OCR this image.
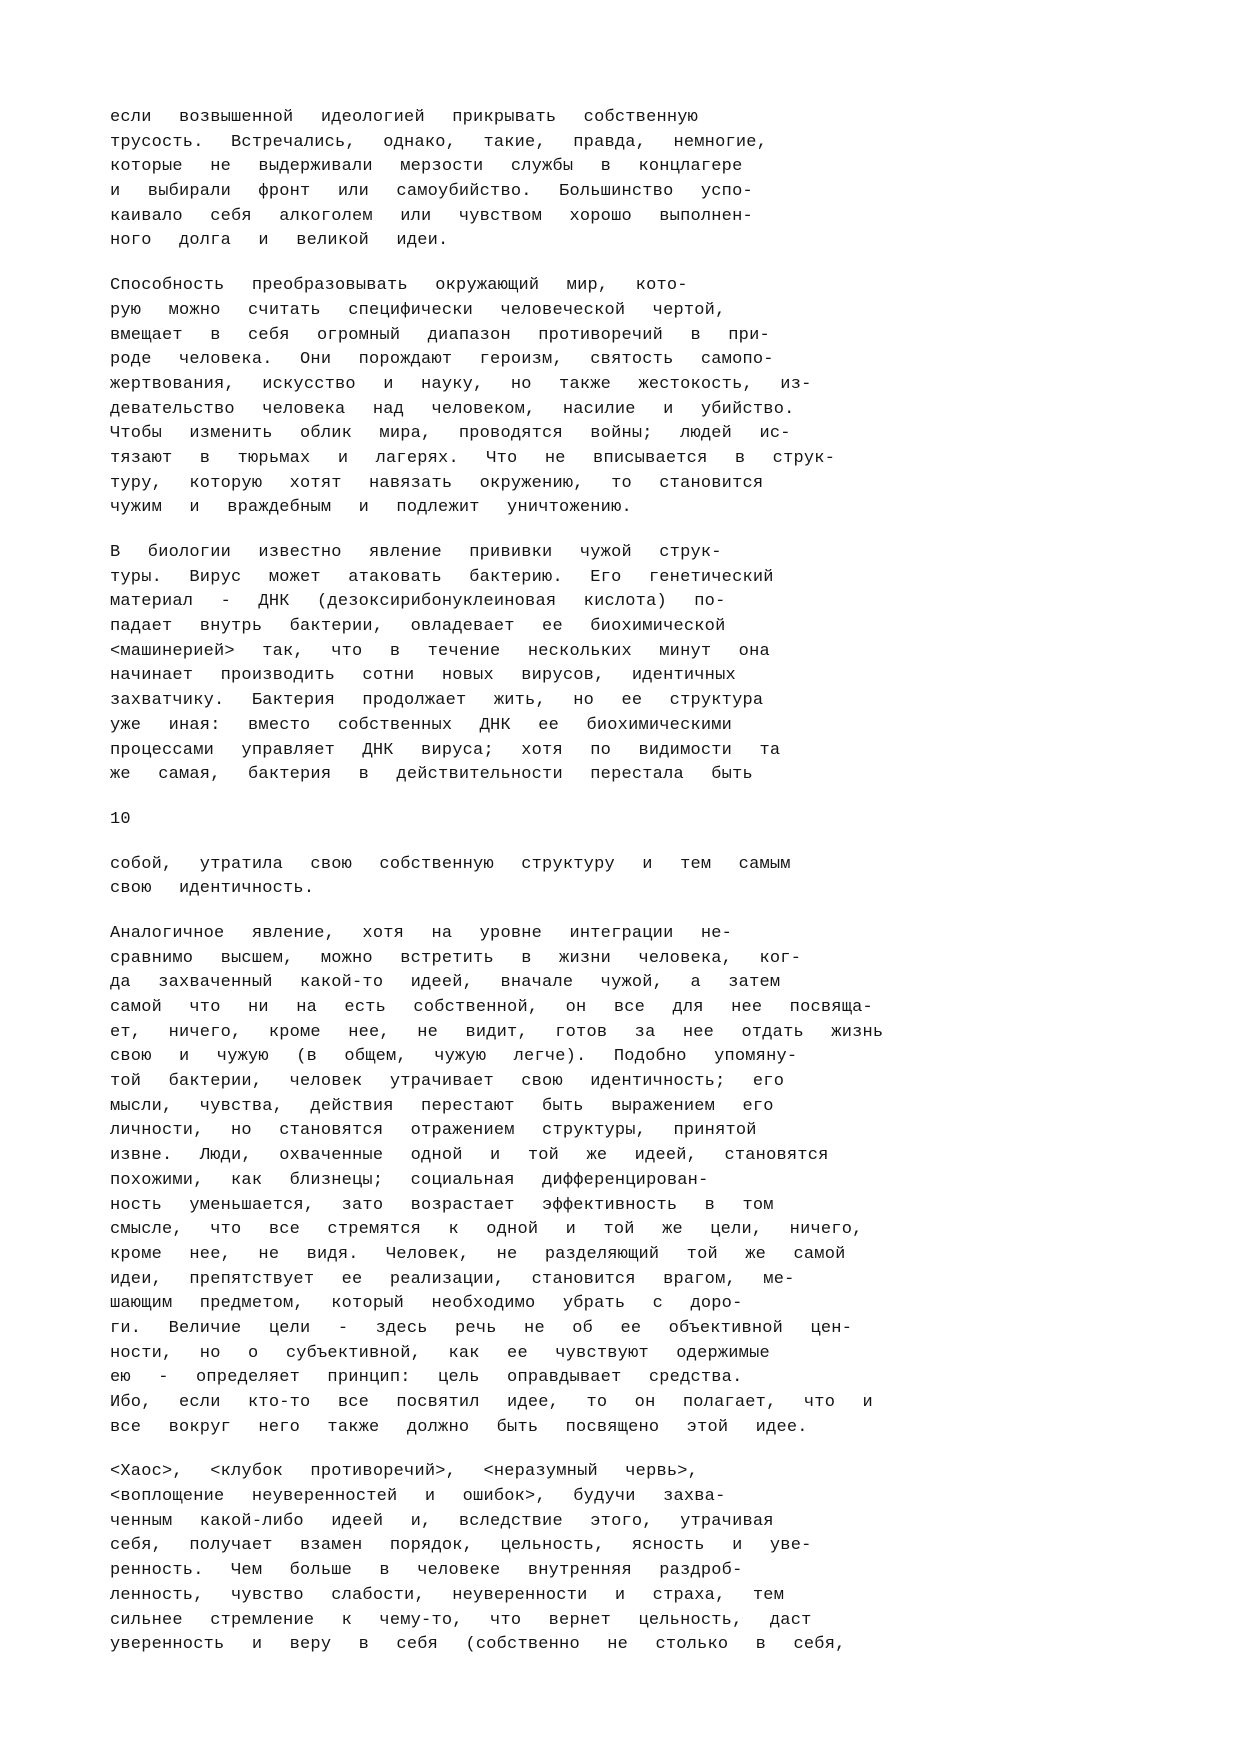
если возвышенной идеологией прикрывать собственную
трусость. Встречались, однако, такие, правда, немногие,
которые не выдерживали мерзости службы в концлагере
и выбирали фронт или самоубийство. Большинство успо-
каивало себя алкоголем или чувством хорошо выполнен-
ного долга и великой идеи.
Способность преобразовывать окружающий мир, кото-
рую можно считать специфически человеческой чертой,
вмещает в себя огромный диапазон противоречий в при-
роде человека. Они порождают героизм, святость самопо-
жертвования, искусство и науку, но также жестокость, из-
девательство человека над человеком, насилие и убийство.
Чтобы изменить облик мира, проводятся войны; людей ис-
тязают в тюрьмах и лагерях. Что не вписывается в струк-
туру, которую хотят навязать окружению, то становится
чужим и враждебным и подлежит уничтожению.
В биологии известно явление прививки чужой струк-
туры. Вирус может атаковать бактерию. Его генетический
материал - ДНК (дезоксирибонуклеиновая кислота) по-
падает внутрь бактерии, овладевает ее биохимической
<машинерией> так, что в течение нескольких минут она
начинает производить сотни новых вирусов, идентичных
захватчику. Бактерия продолжает жить, но ее структура
уже иная: вместо собственных ДНК ее биохимическими
процессами управляет ДНК вируса; хотя по видимости та
же самая, бактерия в действительности перестала быть
10
собой, утратила свою собственную структуру и тем самым
свою идентичность.
Аналогичное явление, хотя на уровне интеграции не-
сравнимо высшем, можно встретить в жизни человека, ког-
да захваченный какой-то идеей, вначале чужой, а затем
самой что ни на есть собственной, он все для нее посвяща-
ет, ничего, кроме нее, не видит, готов за нее отдать жизнь
свою и чужую (в общем, чужую легче). Подобно упомяну-
той бактерии, человек утрачивает свою идентичность; его
мысли, чувства, действия перестают быть выражением его
личности, но становятся отражением структуры, принятой
извне. Люди, охваченные одной и той же идеей, становятся
похожими, как близнецы; социальная дифференцирован-
ность уменьшается, зато возрастает эффективность в том
смысле, что все стремятся к одной и той же цели, ничего,
кроме нее, не видя. Человек, не разделяющий той же самой
идеи, препятствует ее реализации, становится врагом, ме-
шающим предметом, который необходимо убрать с доро-
ги. Величие цели - здесь речь не об ее объективной цен-
ности, но о субъективной, как ее чувствуют одержимые
ею - определяет принцип: цель оправдывает средства.
Ибо, если кто-то все посвятил идее, то он полагает, что и
все вокруг него также должно быть посвящено этой идее.
<Хаос>, <клубок противоречий>, <неразумный червь>,
<воплощение неуверенностей и ошибок>, будучи захва-
ченным какой-либо идеей и, вследствие этого, утрачивая
себя, получает взамен порядок, цельность, ясность и уве-
ренность. Чем больше в человеке внутренняя раздроб-
ленность, чувство слабости, неуверенности и страха, тем
сильнее стремление к чему-то, что вернет цельность, даст
уверенность и веру в себя (собственно не столько в себя,
